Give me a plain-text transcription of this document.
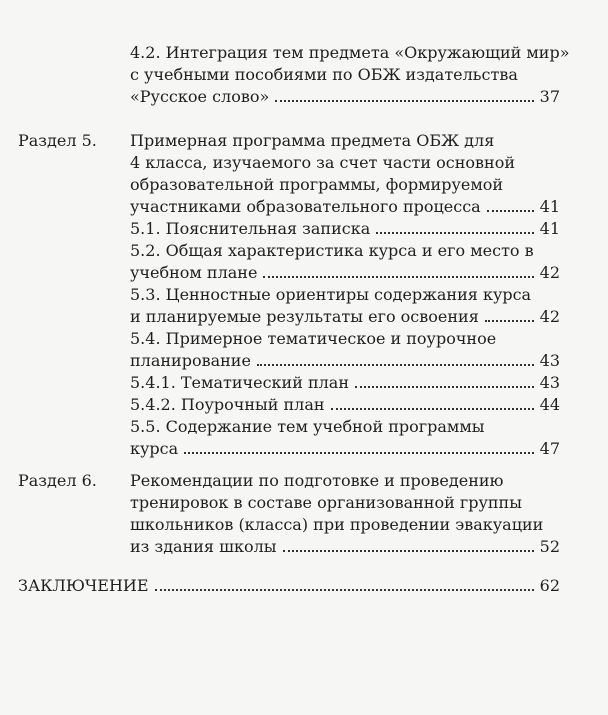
4.2. Интеграция тем предмета «Окружающий мир»
с учебными пособиями по ОБЖ издательства
«Русское слово»	37
Раздел 5. Примерная программа предмета ОБЖ для
4 класса, изучаемого за счет части основной
образовательной программы, формируемой
участниками образовательного процесса	41
5.1. Пояснительная записка	41
5.2. Общая характеристика курса и его место в
учебном плане	42
5.3. Ценностные ориентиры содержания курса
и планируемые результаты его освоения	42
5.4. Примерное тематическое и поурочное
планирование	43
5.4.1. Тематический план	43
5.4.2. Поурочный план	44
5.5. Содержание тем учебной программы
курса	47
Раздел 6. Рекомендации по подготовке и проведению
тренировок в составе организованной группы
школьников (класса) при проведении эвакуации
из здания школы	52
ЗАКЛЮЧЕНИЕ	62
